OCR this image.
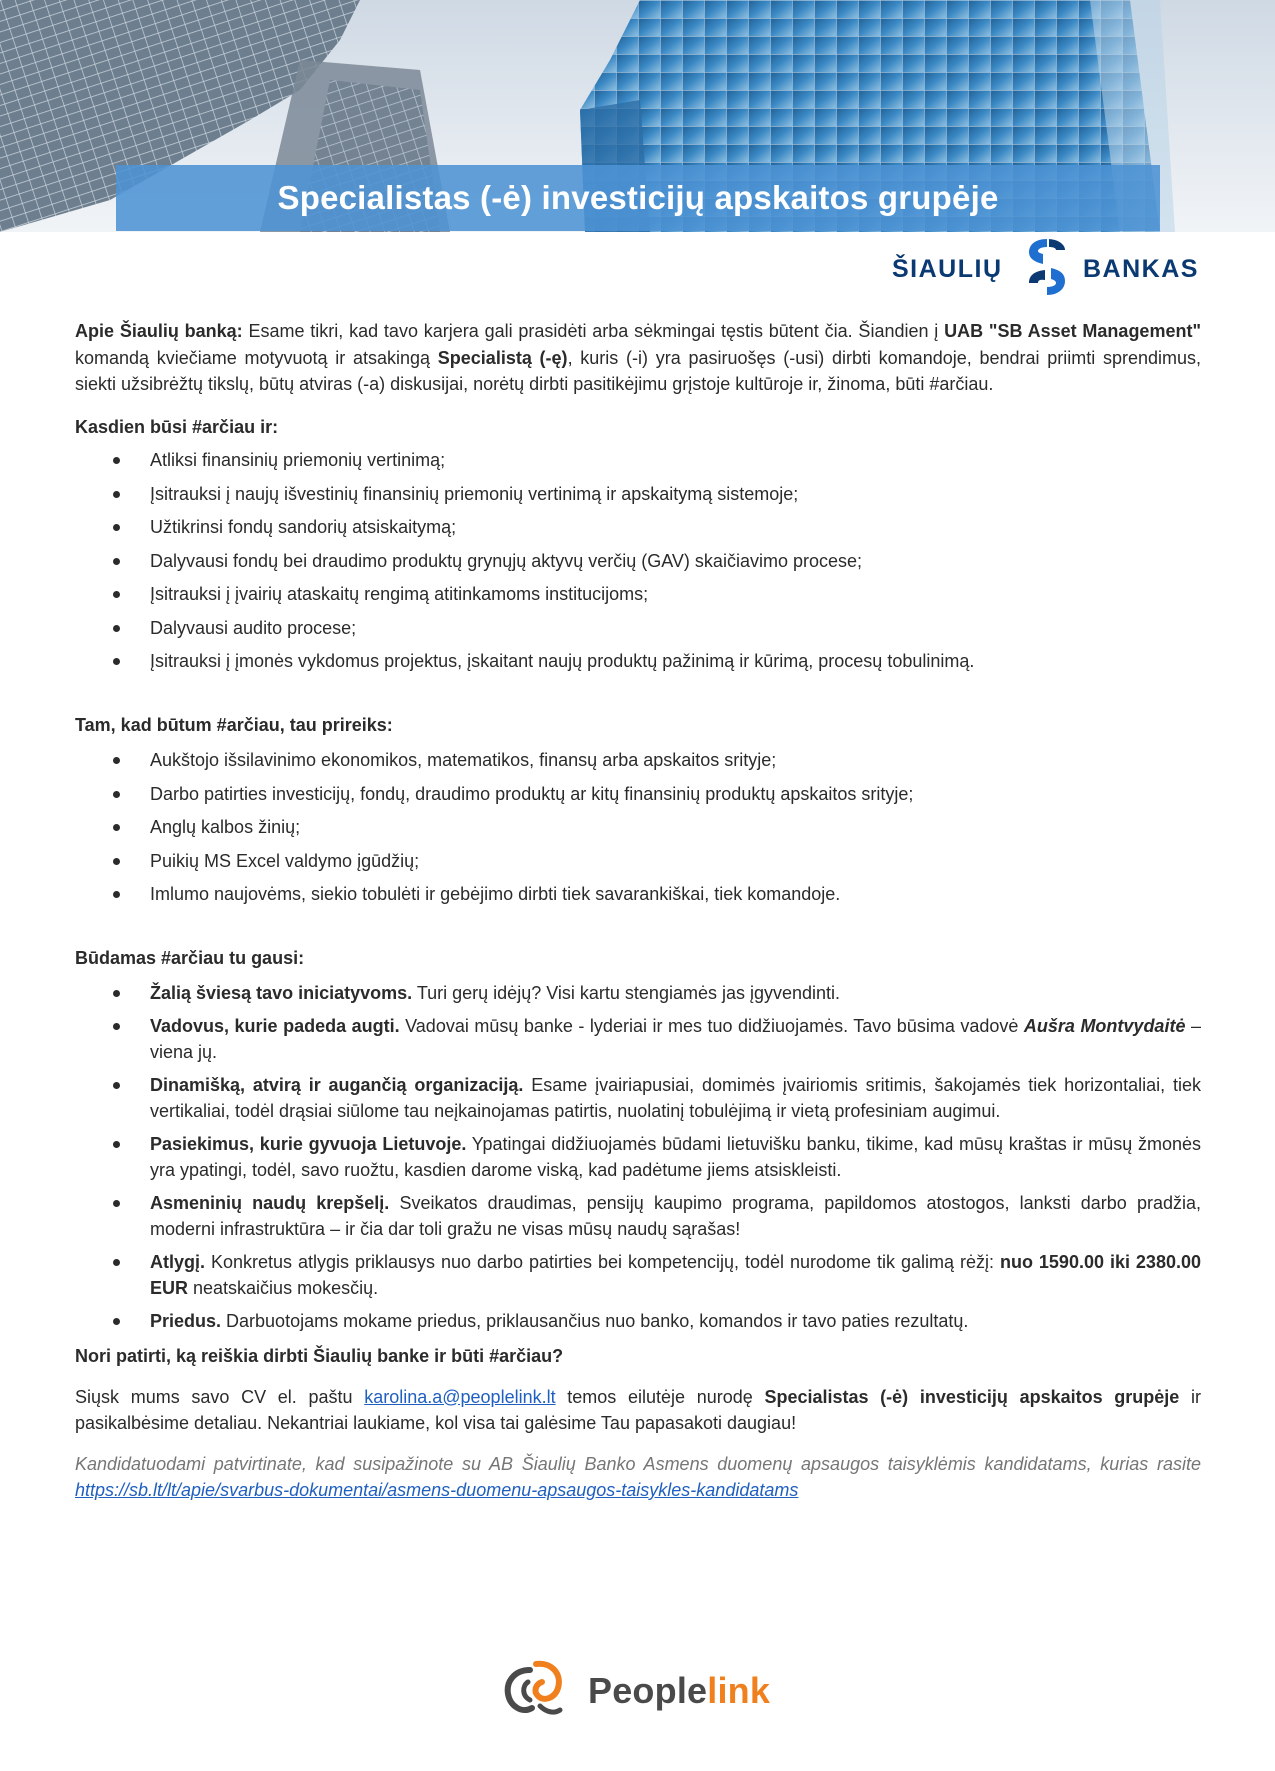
Specialistas (-ė) investicijų apskaitos grupėje
ŠIAULIŲ	BANKAS

Apie Šiaulių banką: Esame tikri, kad tavo karjera gali prasidėti arba sėkmingai tęstis būtent čia. Šiandien į UAB "SB Asset Management" komandą kviečiame motyvuotą ir atsakingą Specialistą (-ę), kuris (-i) yra pasiruošęs (-usi) dirbti komandoje, bendrai priimti sprendimus, siekti užsibrėžtų tikslų, būtų atviras (-a) diskusijai, norėtų dirbti pasitikėjimu grįstoje kultūroje ir, žinoma, būti #arčiau.

Kasdien būsi #arčiau ir:

Atliksi finansinių priemonių vertinimą;
Įsitrauksi į naujų išvestinių finansinių priemonių vertinimą ir apskaitymą sistemoje;
Užtikrinsi fondų sandorių atsiskaitymą;
Dalyvausi fondų bei draudimo produktų grynųjų aktyvų verčių (GAV) skaičiavimo procese;
Įsitrauksi į įvairių ataskaitų rengimą atitinkamoms institucijoms;
Dalyvausi audito procese;
Įsitrauksi į įmonės vykdomus projektus, įskaitant naujų produktų pažinimą ir kūrimą, procesų tobulinimą.

Tam, kad būtum #arčiau, tau prireiks:

Aukštojo išsilavinimo ekonomikos, matematikos, finansų arba apskaitos srityje;
Darbo patirties investicijų, fondų, draudimo produktų ar kitų finansinių produktų apskaitos srityje;
Anglų kalbos žinių;
Puikių MS Excel valdymo įgūdžių;
Imlumo naujovėms, siekio tobulėti ir gebėjimo dirbti tiek savarankiškai, tiek komandoje.

Būdamas #arčiau tu gausi:

Žalią šviesą tavo iniciatyvoms. Turi gerų idėjų? Visi kartu stengiamės jas įgyvendinti.
Vadovus, kurie padeda augti. Vadovai mūsų banke - lyderiai ir mes tuo didžiuojamės. Tavo būsima vadovė Aušra Montvydaitė – viena jų.
Dinamišką, atvirą ir augančią organizaciją. Esame įvairiapusiai, domimės įvairiomis sritimis, šakojamės tiek horizontaliai, tiek vertikaliai, todėl drąsiai siūlome tau neįkainojamas patirtis, nuolatinį tobulėjimą ir vietą profesiniam augimui.
Pasiekimus, kurie gyvuoja Lietuvoje. Ypatingai didžiuojamės būdami lietuvišku banku, tikime, kad mūsų kraštas ir mūsų žmonės yra ypatingi, todėl, savo ruožtu, kasdien darome viską, kad padėtume jiems atsiskleisti.
Asmeninių naudų krepšelį. Sveikatos draudimas, pensijų kaupimo programa, papildomos atostogos, lanksti darbo pradžia, moderni infrastruktūra – ir čia dar toli gražu ne visas mūsų naudų sąrašas!
Atlygį. Konkretus atlygis priklausys nuo darbo patirties bei kompetencijų, todėl nurodome tik galimą rėžį: nuo 1590.00 iki 2380.00 EUR neatskaičius mokesčių.
Priedus. Darbuotojams mokame priedus, priklausančius nuo banko, komandos ir tavo paties rezultatų.

Nori patirti, ką reiškia dirbti Šiaulių banke ir būti #arčiau?

Siųsk mums savo CV el. paštu karolina.a@peoplelink.lt temos eilutėje nurodę Specialistas (-ė) investicijų apskaitos grupėje ir pasikalbėsime detaliau. Nekantriai laukiame, kol visa tai galėsime Tau papasakoti daugiau!

Kandidatuodami patvirtinate, kad susipažinote su AB Šiaulių Banko Asmens duomenų apsaugos taisyklėmis kandidatams, kurias rasite https://sb.lt/lt/apie/svarbus-dokumentai/asmens-duomenu-apsaugos-taisykles-kandidatams

Peoplelink
